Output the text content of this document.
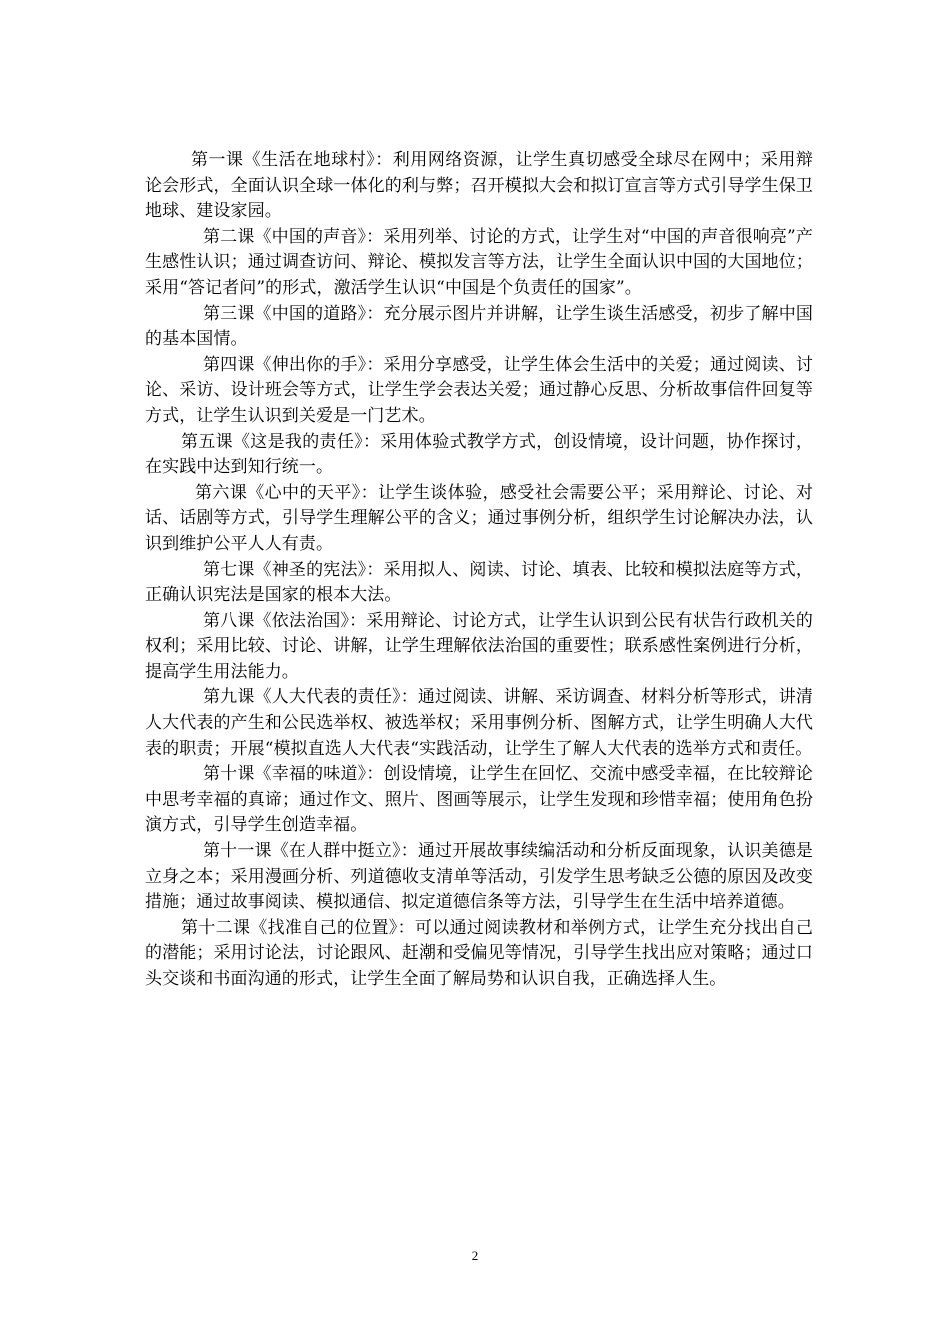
第一课《生活在地球村》：利用网络资源，让学生真切感受全球尽在网中；采用辩论会形式，全面认识全球一体化的利与弊；召开模拟大会和拟订宣言等方式引导学生保卫地球、建设家园。

第二课《中国的声音》：采用列举、讨论的方式，让学生对“中国的声音很响亮”产生感性认识；通过调查访问、辩论、模拟发言等方法，让学生全面认识中国的大国地位；采用“答记者问”的形式，激活学生认识“中国是个负责任的国家”。

第三课《中国的道路》：充分展示图片并讲解，让学生谈生活感受，初步了解中国的基本国情。

第四课《伸出你的手》：采用分享感受，让学生体会生活中的关爱；通过阅读、讨论、采访、设计班会等方式，让学生学会表达关爱；通过静心反思、分析故事信件回复等方式，让学生认识到关爱是一门艺术。

第五课《这是我的责任》：采用体验式教学方式，创设情境，设计问题，协作探讨，在实践中达到知行统一。

第六课《心中的天平》：让学生谈体验，感受社会需要公平；采用辩论、讨论、对话、话剧等方式，引导学生理解公平的含义；通过事例分析，组织学生讨论解决办法，认识到维护公平人人有责。

第七课《神圣的宪法》：采用拟人、阅读、讨论、填表、比较和模拟法庭等方式，正确认识宪法是国家的根本大法。

第八课《依法治国》：采用辩论、讨论方式，让学生认识到公民有状告行政机关的权利；采用比较、讨论、讲解，让学生理解依法治国的重要性；联系感性案例进行分析，提高学生用法能力。

第九课《人大代表的责任》：通过阅读、讲解、采访调查、材料分析等形式，讲清人大代表的产生和公民选举权、被选举权；采用事例分析、图解方式，让学生明确人大代表的职责；开展“模拟直选人大代表“实践活动，让学生了解人大代表的选举方式和责任。

第十课《幸福的味道》：创设情境，让学生在回忆、交流中感受幸福，在比较辩论中思考幸福的真谛；通过作文、照片、图画等展示，让学生发现和珍惜幸福；使用角色扮演方式，引导学生创造幸福。

第十一课《在人群中挺立》：通过开展故事续编活动和分析反面现象，认识美德是立身之本；采用漫画分析、列道德收支清单等活动，引发学生思考缺乏公德的原因及改变措施；通过故事阅读、模拟通信、拟定道德信条等方法，引导学生在生活中培养道德。

第十二课《找准自己的位置》：可以通过阅读教材和举例方式，让学生充分找出自己的潜能；采用讨论法，讨论跟风、赶潮和受偏见等情况，引导学生找出应对策略；通过口头交谈和书面沟通的形式，让学生全面了解局势和认识自我，正确选择人生。

2
